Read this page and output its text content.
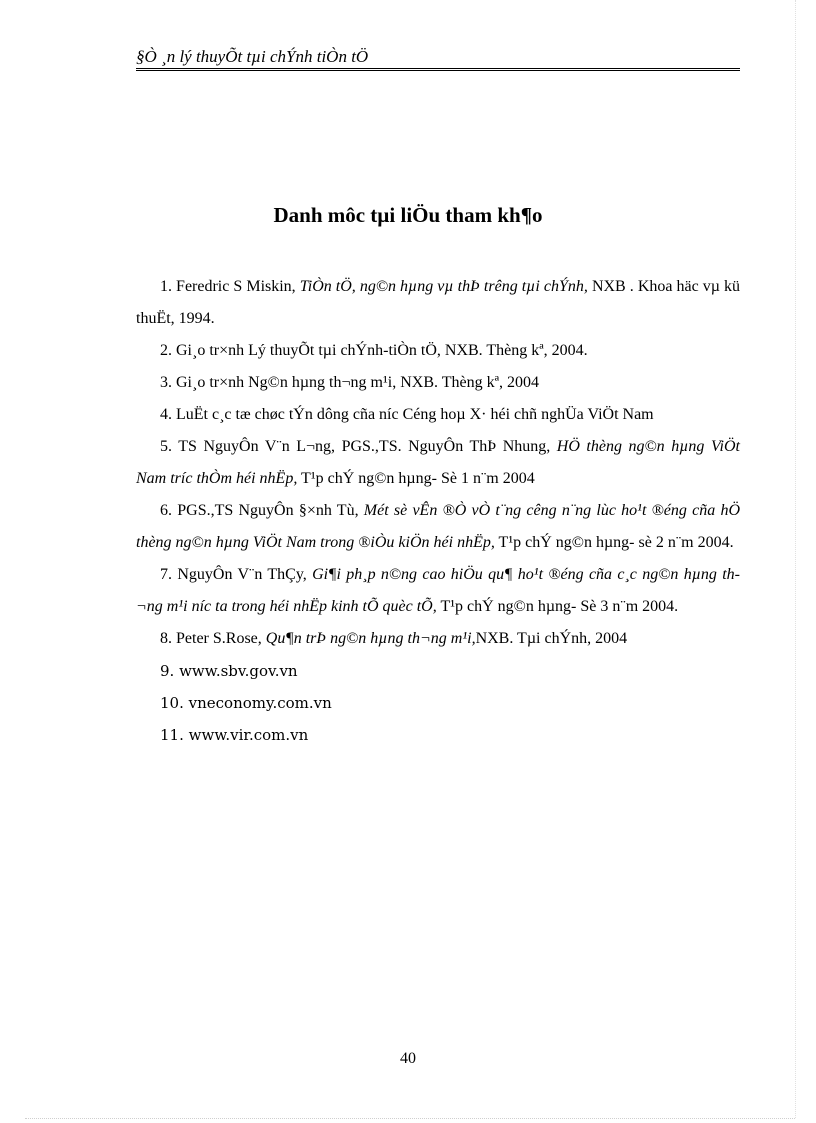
§Ò ¸n lý thuyÕt tµi chÝnh tiÒn tÖ
Danh môc tµi liÖu tham kh¶o

1. Feredric S Miskin, TiÒn tÖ, ng©n hµng vµ thÞ trêng tµi chÝnh, NXB . Khoa häc vµ kü thuËt, 1994.

2. Gi¸o tr×nh Lý thuyÕt tµi chÝnh-tiÒn tÖ, NXB. Thèng kª, 2004.

3. Gi¸o tr×nh Ng©n hµng th¬ng m¹i, NXB. Thèng kª, 2004

4. LuËt c¸c tæ chøc tÝn dông cña níc Céng hoµ X· héi chñ nghÜa ViÖt Nam

5. TS NguyÔn V¨n L¬ng, PGS.,TS. NguyÔn ThÞ Nhung, HÖ thèng ng©n hµng ViÖt Nam tríc thÒm héi nhËp, T¹p chÝ ng©n hµng- Sè 1 n¨m 2004

6. PGS.,TS NguyÔn §×nh Tù, Mét sè vÊn ®Ò vÒ t¨ng cêng n¨ng lùc ho¹t ®éng cña hÖ thèng ng©n hµng ViÖt Nam trong ®iÒu kiÖn héi nhËp, T¹p chÝ ng©n hµng- sè 2 n¨m 2004.

7. NguyÔn V¨n ThÇy, Gi¶i ph¸p n©ng cao hiÖu qu¶ ho¹t ®éng cña c¸c ng©n hµng th¬ng m¹i níc ta trong héi nhËp kinh tÕ quèc tÕ, T¹p chÝ ng©n hµng- Sè 3 n¨m 2004.

8. Peter S.Rose, Qu¶n trÞ ng©n hµng th¬ng m¹i,NXB. Tµi chÝnh, 2004

9. www.sbv.gov.vn

10. vneconomy.com.vn

11. www.vir.com.vn

40
